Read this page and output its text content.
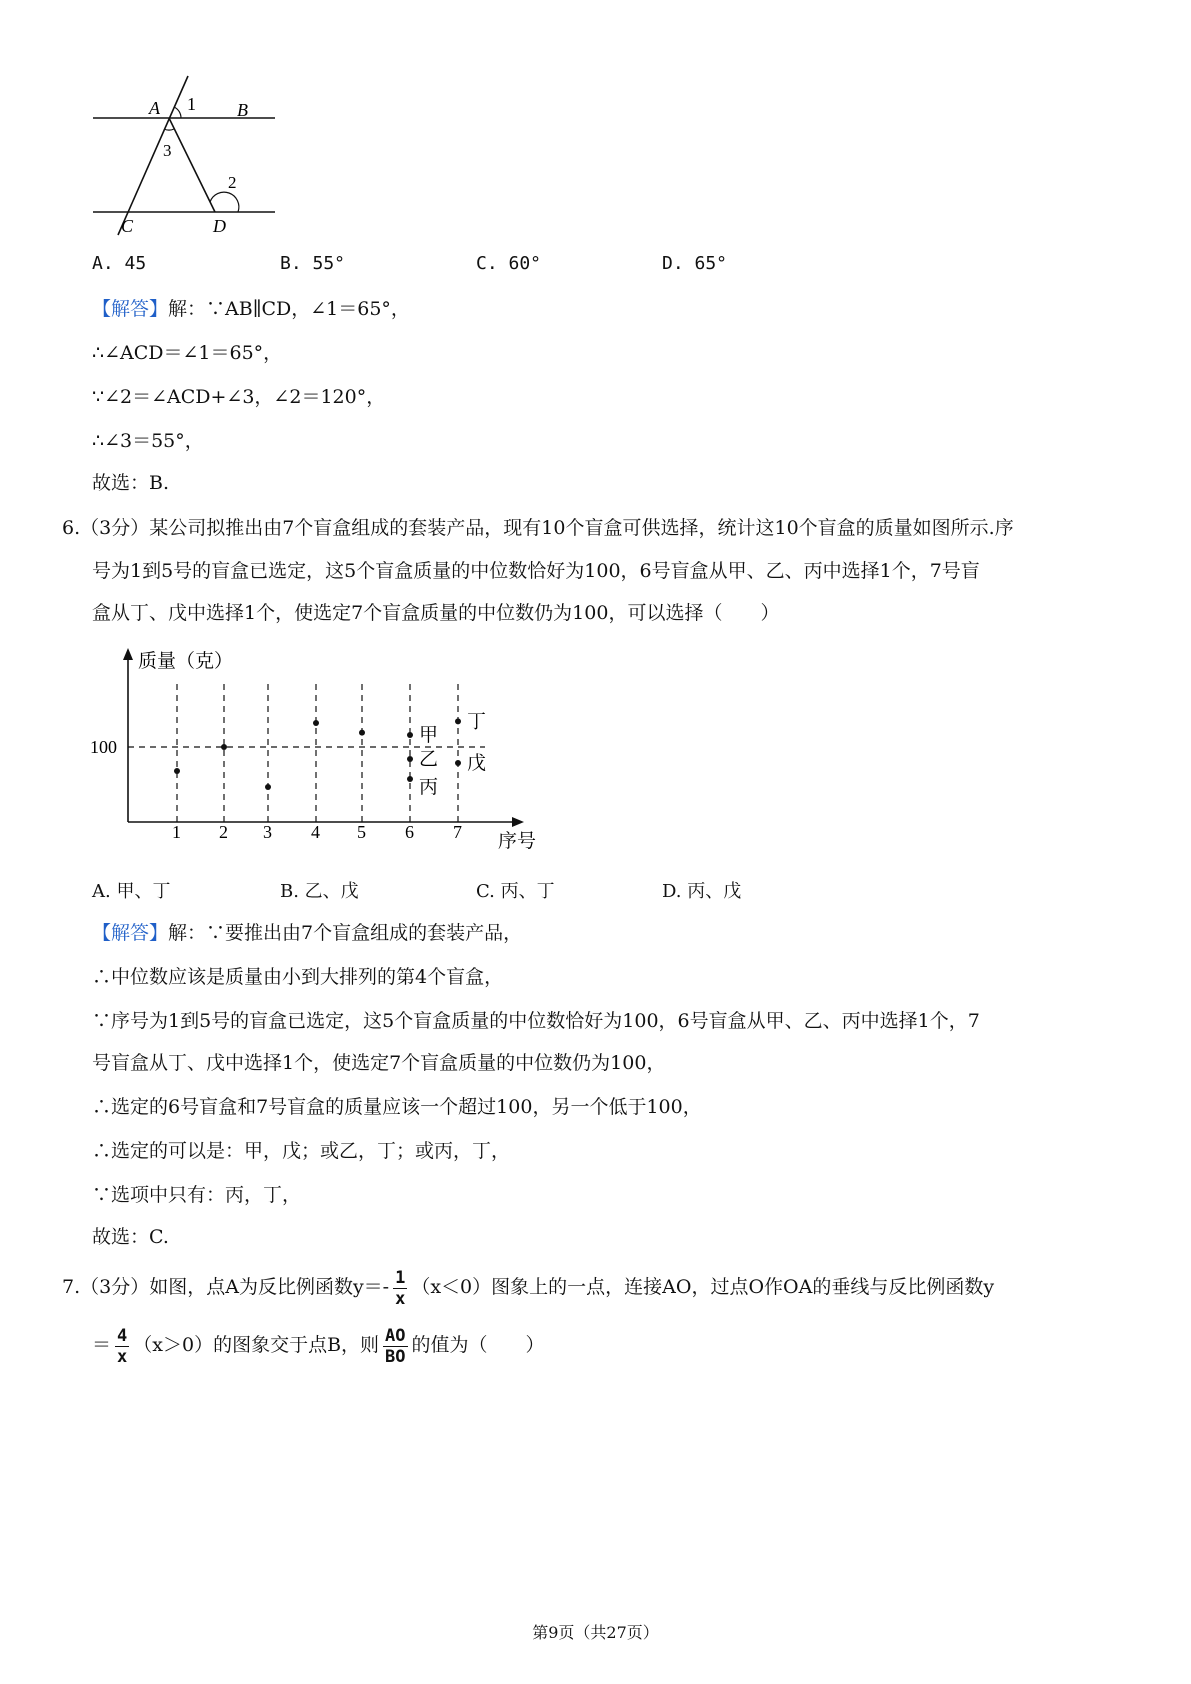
A 1 B
3
2
C	D
A. 45	B. 55°	C. 60°	D. 65°
【解答】解：∵AB∥CD，∠1＝65°，
∴∠ACD＝∠1＝65°，
∵∠2＝∠ACD+∠3，∠2＝120°，
∴∠3＝55°，
故选：B.
6.（3分）某公司拟推出由7个盲盒组成的套装产品，现有10个盲盒可供选择，统计这10个盲盒的质量如图所示.序
号为1到5号的盲盒已选定，这5个盲盒质量的中位数恰好为100，6号盲盒从甲、乙、丙中选择1个，7号盲
盒从丁、戊中选择1个，使选定7个盲盒质量的中位数仍为100，可以选择（　　）
质量（克）
序号
1 2 3 4 5 6 7
100
甲
乙
丙
丁
戊
A. 甲、丁	B. 乙、戊	C. 丙、丁	D. 丙、戊
【解答】解：∵要推出由7个盲盒组成的套装产品，
∴中位数应该是质量由小到大排列的第4个盲盒，
∵序号为1到5号的盲盒已选定，这5个盲盒质量的中位数恰好为100，6号盲盒从甲、乙、丙中选择1个，7
号盲盒从丁、戊中选择1个，使选定7个盲盒质量的中位数仍为100，
∴选定的6号盲盒和7号盲盒的质量应该一个超过100，另一个低于100，
∴选定的可以是：甲，戊；或乙，丁；或丙，丁，
∵选项中只有：丙，丁，
故选：C.
7.（3分）如图，点A为反比例函数$y=- \frac{1}{x} (x<0)$图象上的一点，连接AO，过点O作OA的垂线与反比例函数y
＝ $\frac{4}{x} (x>0)$的图象交于点B，则 $\frac{AO}{BO}$ 的值为（　　）
第9页（共27页）
